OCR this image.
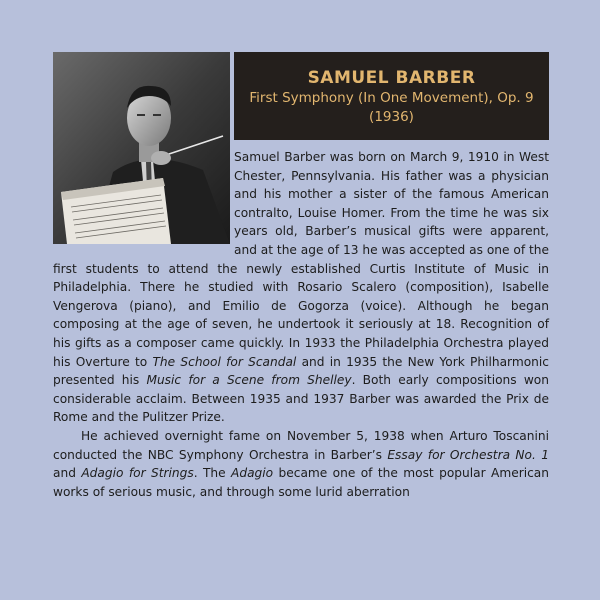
SAMUEL BARBER
First Symphony (In One Movement), Op. 9
(1936)

Samuel Barber was born on March 9, 1910 in West Chester, Pennsylvania. His father was a physician and his mother a sister of the famous American contralto, Louise Homer. From the time he was six years old, Barber’s musical gifts were apparent, and at the age of 13 he was accepted as one of the first students to attend the newly established Curtis Institute of Music in Philadelphia. There he studied with Rosario Scalero (composition), Isabelle Vengerova (piano), and Emilio de Gogorza (voice). Although he began composing at the age of seven, he undertook it seriously at 18. Recognition of his gifts as a composer came quickly. In 1933 the Philadelphia Orchestra played his Overture to The School for Scandal and in 1935 the New York Philharmonic presented his Music for a Scene from Shelley. Both early compositions won considerable acclaim. Between 1935 and 1937 Barber was awarded the Prix de Rome and the Pulitzer Prize.

He achieved overnight fame on November 5, 1938 when Arturo Toscanini conducted the NBC Symphony Orchestra in Barber’s Essay for Orchestra No. 1 and Adagio for Strings. The Adagio became one of the most popular American works of serious music, and through some lurid aberration
